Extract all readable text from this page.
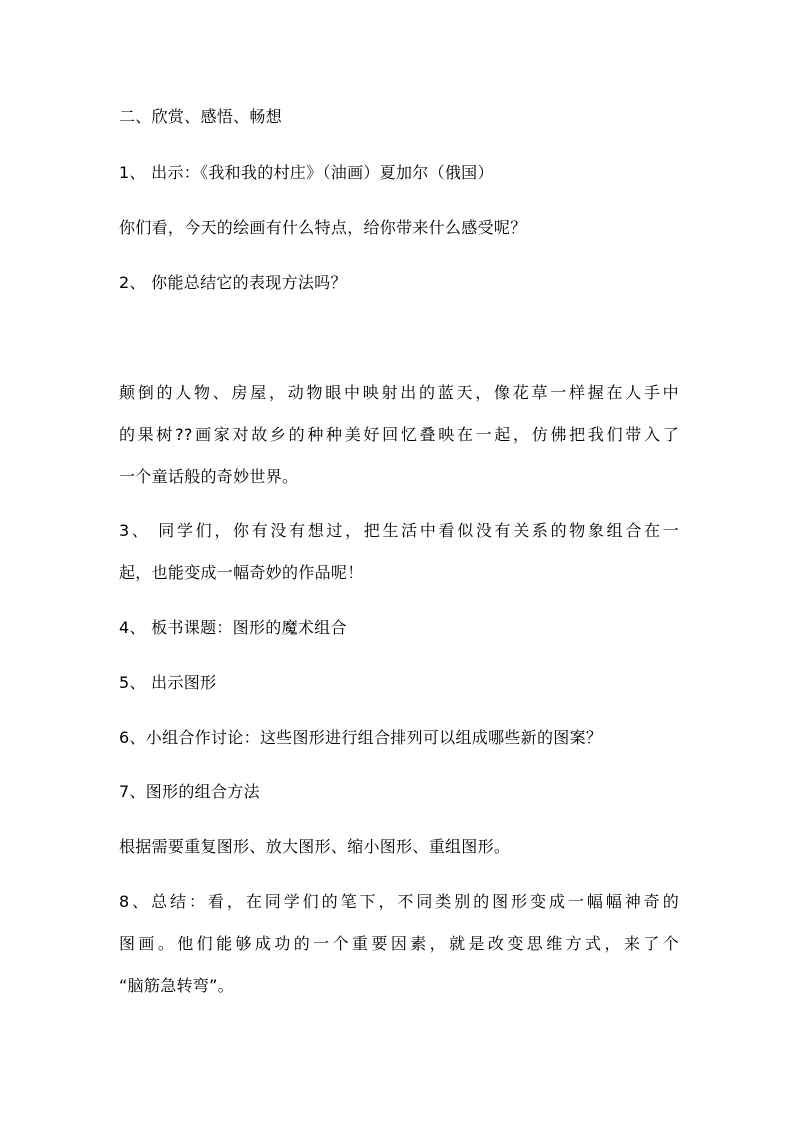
二、欣赏、感悟、畅想
1、 出示：《我和我的村庄》（油画）夏加尔（俄国）
你们看，今天的绘画有什么特点，给你带来什么感受呢？
2、 你能总结它的表现方法吗？
颠倒的人物、房屋，动物眼中映射出的蓝天，像花草一样握在人手中
的果树??画家对故乡的种种美好回忆叠映在一起，仿佛把我们带入了
一个童话般的奇妙世界。
3、 同学们，你有没有想过，把生活中看似没有关系的物象组合在一
起，也能变成一幅奇妙的作品呢！
4、 板书课题：图形的魔术组合
5、 出示图形
6、小组合作讨论：这些图形进行组合排列可以组成哪些新的图案？
7、图形的组合方法
根据需要重复图形、放大图形、缩小图形、重组图形。
8、总结：看，在同学们的笔下，不同类别的图形变成一幅幅神奇的
图画。他们能够成功的一个重要因素，就是改变思维方式，来了个
“脑筋急转弯”。
